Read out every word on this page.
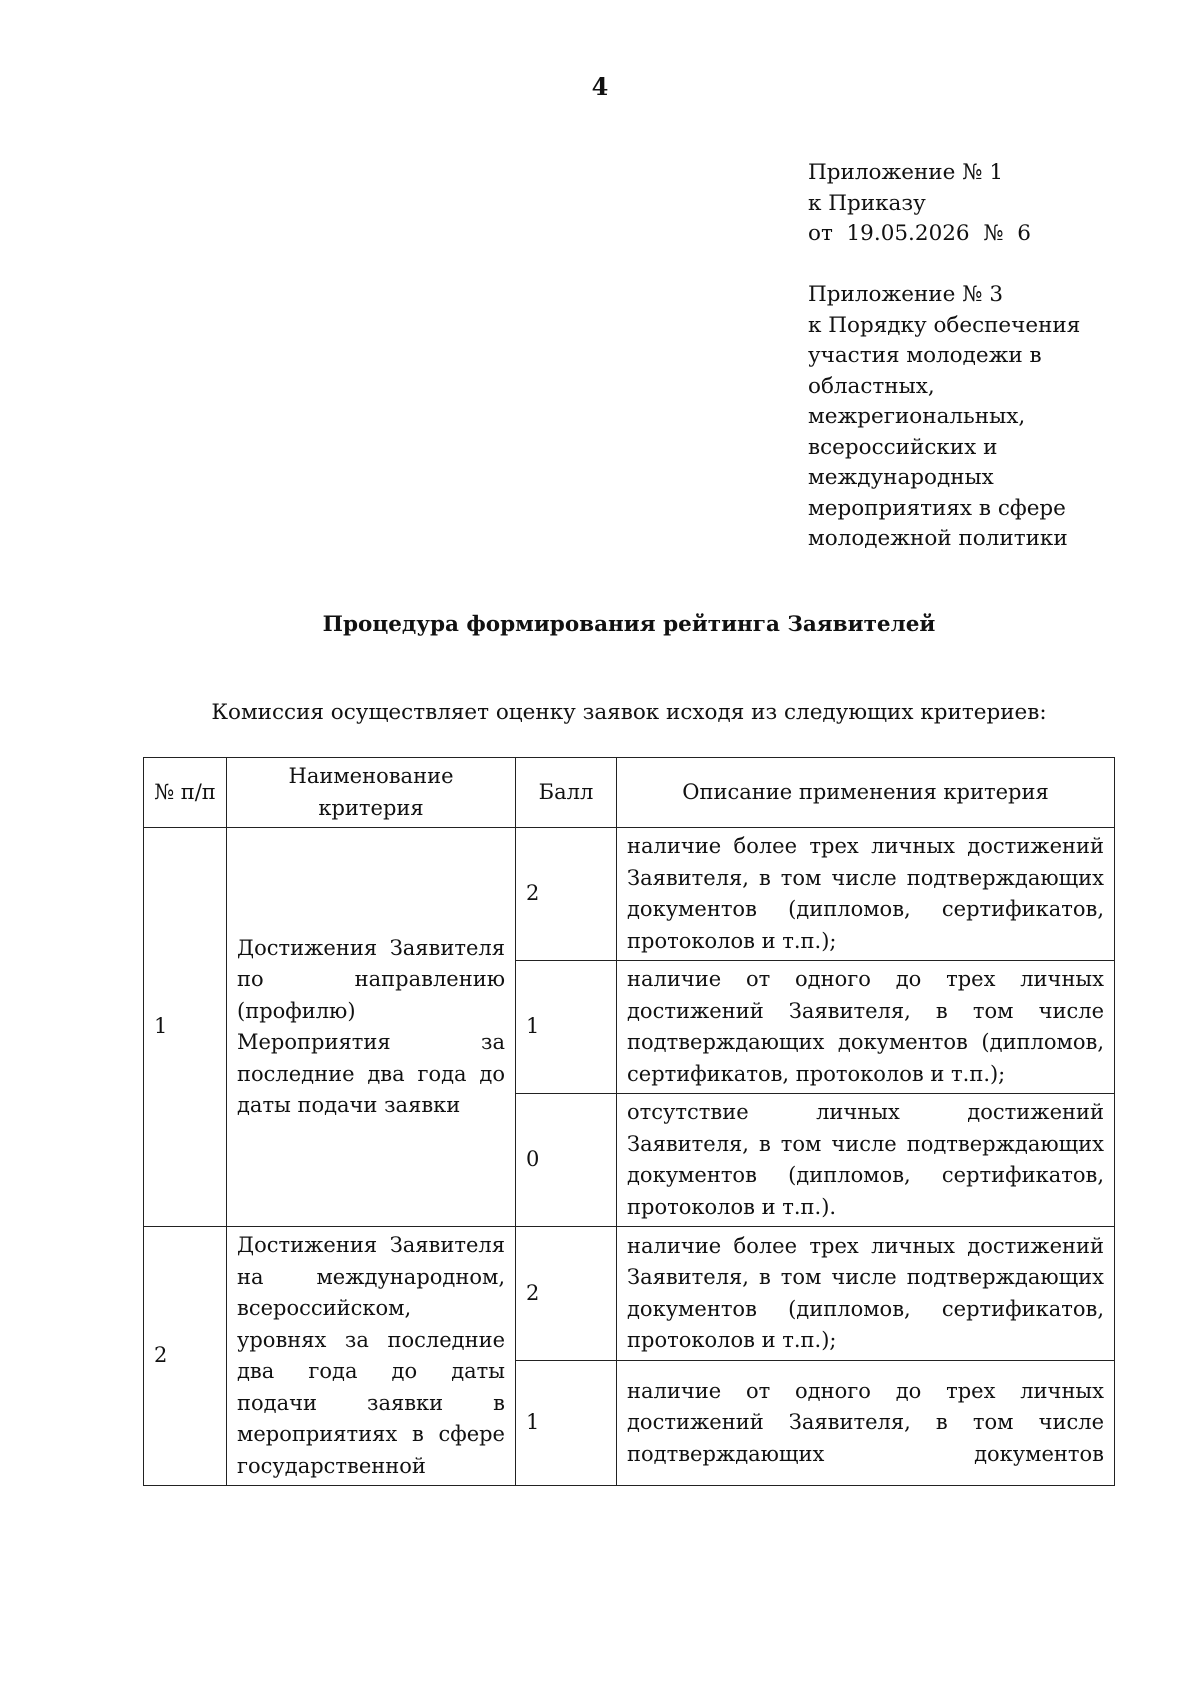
4
Приложение № 1
к Приказу
от  19.05.2026  №  6
Приложение № 3
к Порядку обеспечения
участия молодежи в
областных,
межрегиональных,
всероссийских и
международных
мероприятиях в сфере
молодежной политики
Процедура формирования рейтинга Заявителей
Комиссия осуществляет оценку заявок исходя из следующих критериев:
№ п/п	Наименование критерия	Балл	Описание применения критерия
1	Достижения Заявителя по направлению (профилю) Мероприятия за последние два года до даты подачи заявки	2	наличие более трех личных достижений Заявителя, в том числе подтверждающих документов (дипломов, сертификатов, протоколов и т.п.);
		1	наличие от одного до трех личных достижений Заявителя, в том числе подтверждающих документов (дипломов, сертификатов, протоколов и т.п.);
		0	отсутствие личных достижений Заявителя, в том числе подтверждающих документов (дипломов, сертификатов, протоколов и т.п.).
2	Достижения Заявителя на международном, всероссийском, уровнях за последние два года до даты подачи заявки в мероприятиях в сфере государственной	2	наличие более трех личных достижений Заявителя, в том числе подтверждающих документов (дипломов, сертификатов, протоколов и т.п.);
		1	наличие от одного до трех личных достижений Заявителя, в том числе подтверждающих документов
